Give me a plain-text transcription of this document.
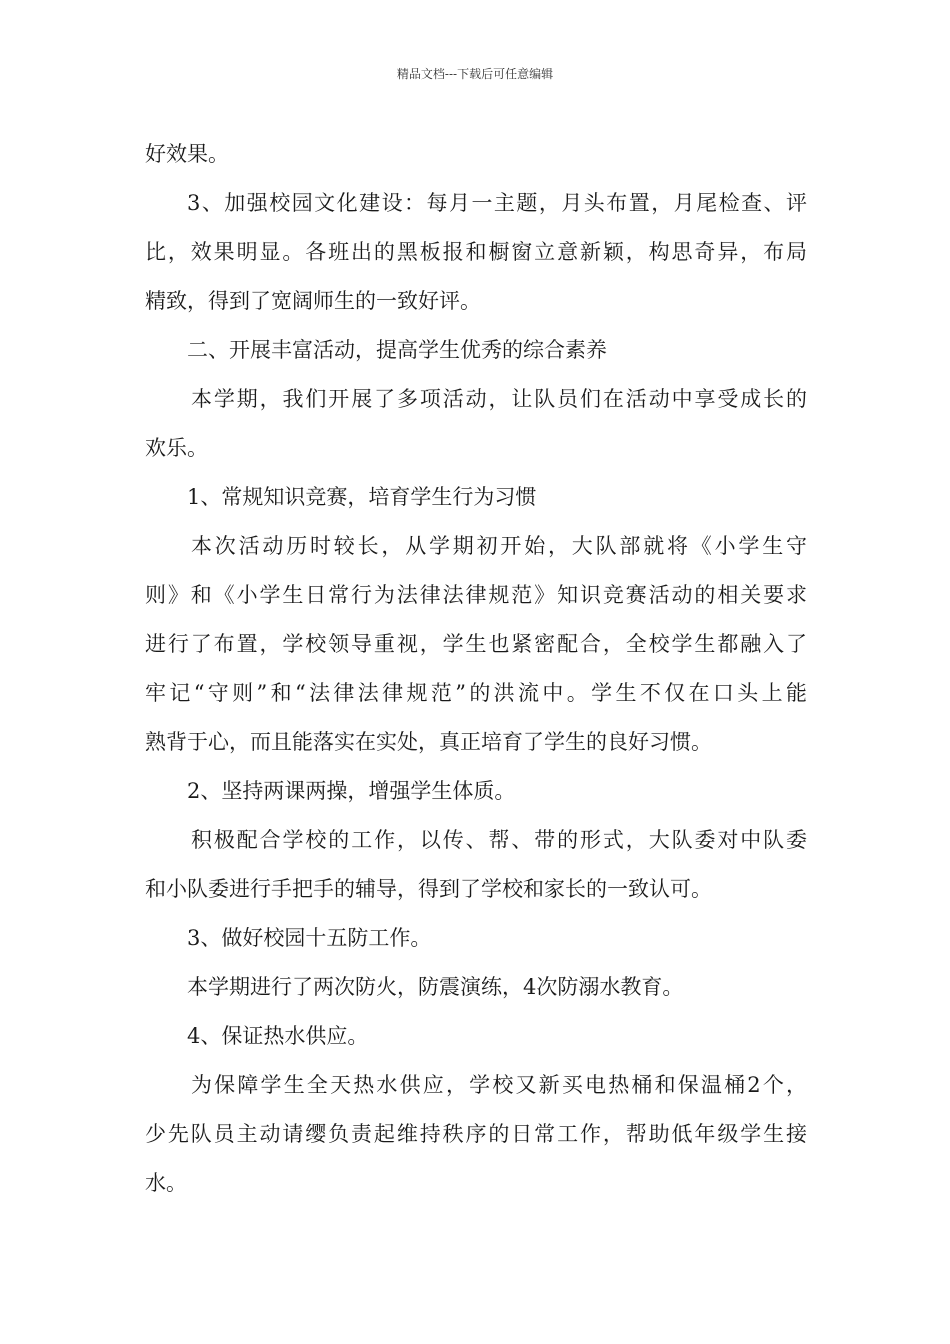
精品文档---下载后可任意编辑
好效果。
3、加强校园文化建设：每月一主题，月头布置，月尾检查、评
比，效果明显。各班出的黑板报和橱窗立意新颖，构思奇异，布局
精致，得到了宽阔师生的一致好评。
二、开展丰富活动，提高学生优秀的综合素养
本学期，我们开展了多项活动，让队员们在活动中享受成长的
欢乐。
1、常规知识竞赛，培育学生行为习惯
本次活动历时较长，从学期初开始，大队部就将《小学生守
则》和《小学生日常行为法律法律规范》知识竞赛活动的相关要求
进行了布置，学校领导重视，学生也紧密配合，全校学生都融入了
牢记“守则”和“法律法律规范”的洪流中。学生不仅在口头上能
熟背于心，而且能落实在实处，真正培育了学生的良好习惯。
2、坚持两课两操，增强学生体质。
积极配合学校的工作，以传、帮、带的形式，大队委对中队委
和小队委进行手把手的辅导，得到了学校和家长的一致认可。
3、做好校园十五防工作。
本学期进行了两次防火，防震演练，4次防溺水教育。
4、保证热水供应。
为保障学生全天热水供应，学校又新买电热桶和保温桶2个，
少先队员主动请缨负责起维持秩序的日常工作，帮助低年级学生接
水。
